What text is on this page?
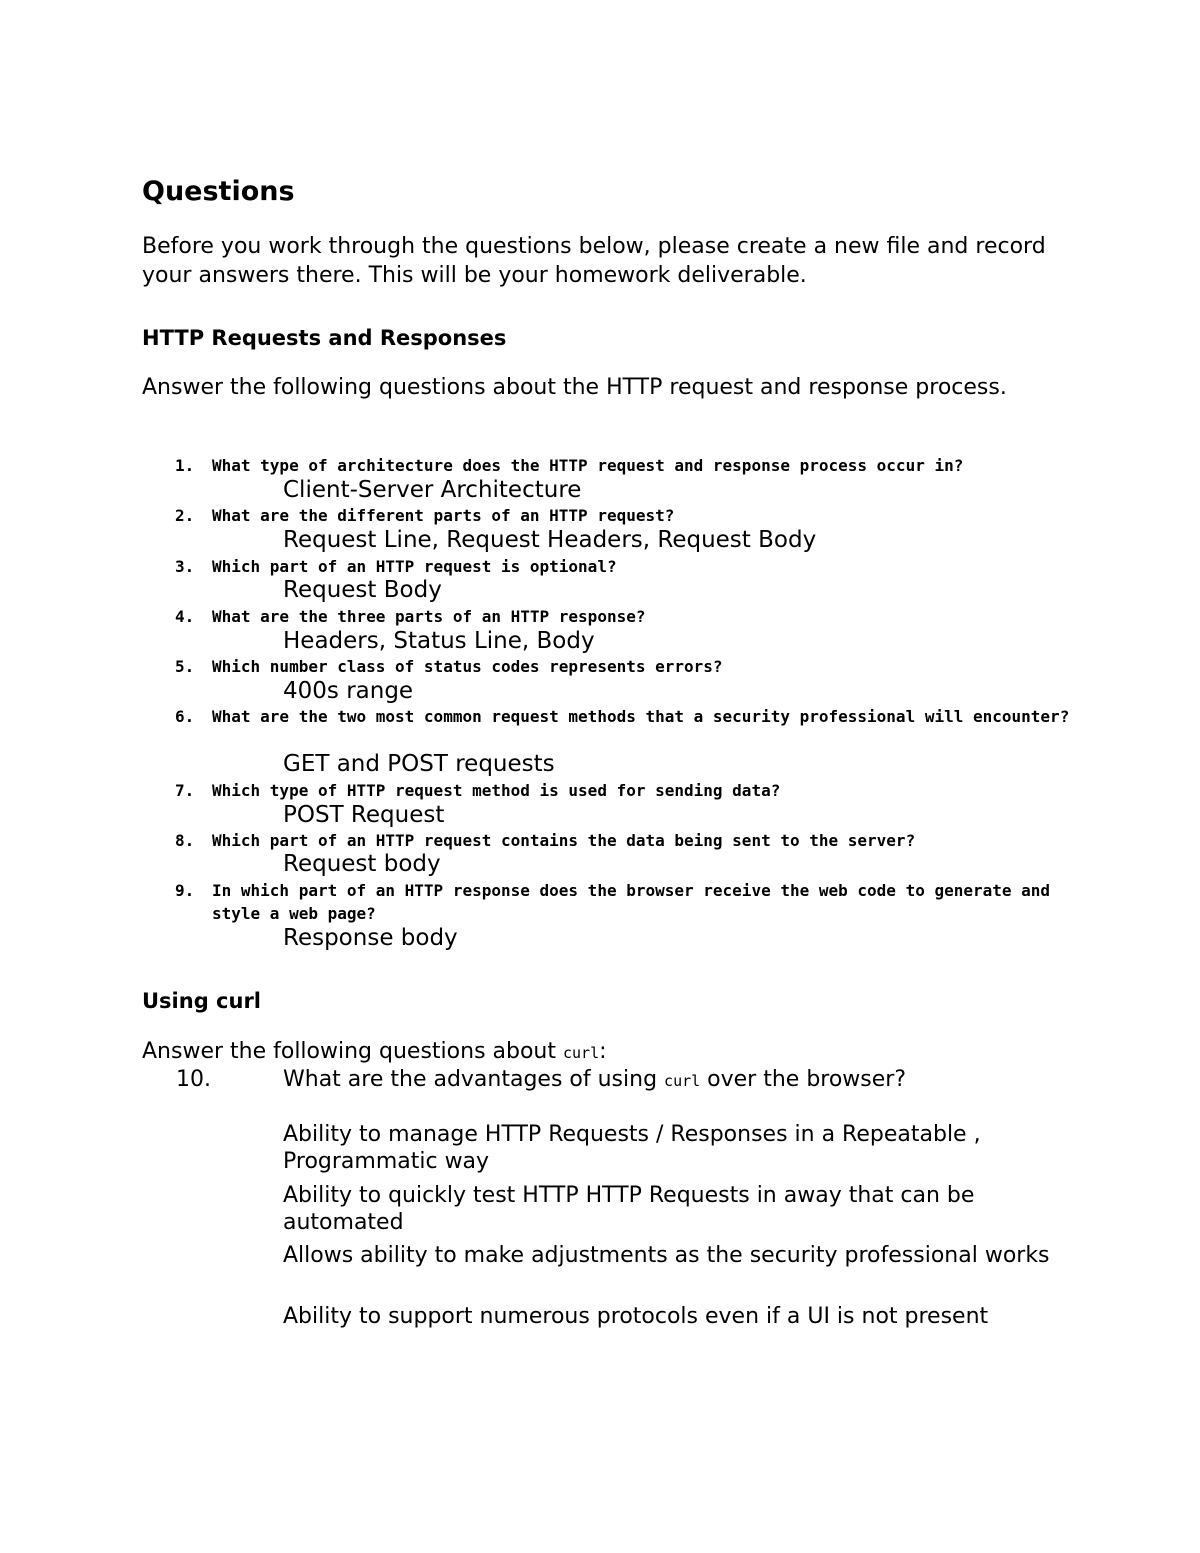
Questions

Before you work through the questions below, please create a new file and record your answers there. This will be your homework deliverable.

HTTP Requests and Responses

Answer the following questions about the HTTP request and response process.

1. What type of architecture does the HTTP request and response process occur in?
Client-Server Architecture
2. What are the different parts of an HTTP request?
Request Line, Request Headers, Request Body
3. Which part of an HTTP request is optional?
Request Body
4. What are the three parts of an HTTP response?
Headers, Status Line, Body
5. Which number class of status codes represents errors?
400s range
6. What are the two most common request methods that a security professional will encounter?
GET and POST requests
7. Which type of HTTP request method is used for sending data?
POST Request
8. Which part of an HTTP request contains the data being sent to the server?
Request body
9. In which part of an HTTP response does the browser receive the web code to generate and style a web page?
Response body
Using curl

Answer the following questions about curl:

10.	What are the advantages of using curl over the browser?
Ability to manage HTTP Requests / Responses in a Repeatable , Programmatic way
Ability to quickly test HTTP HTTP Requests in away that can be automated
Allows ability to make adjustments as the security professional works
Ability to support numerous protocols even if a UI is not present
